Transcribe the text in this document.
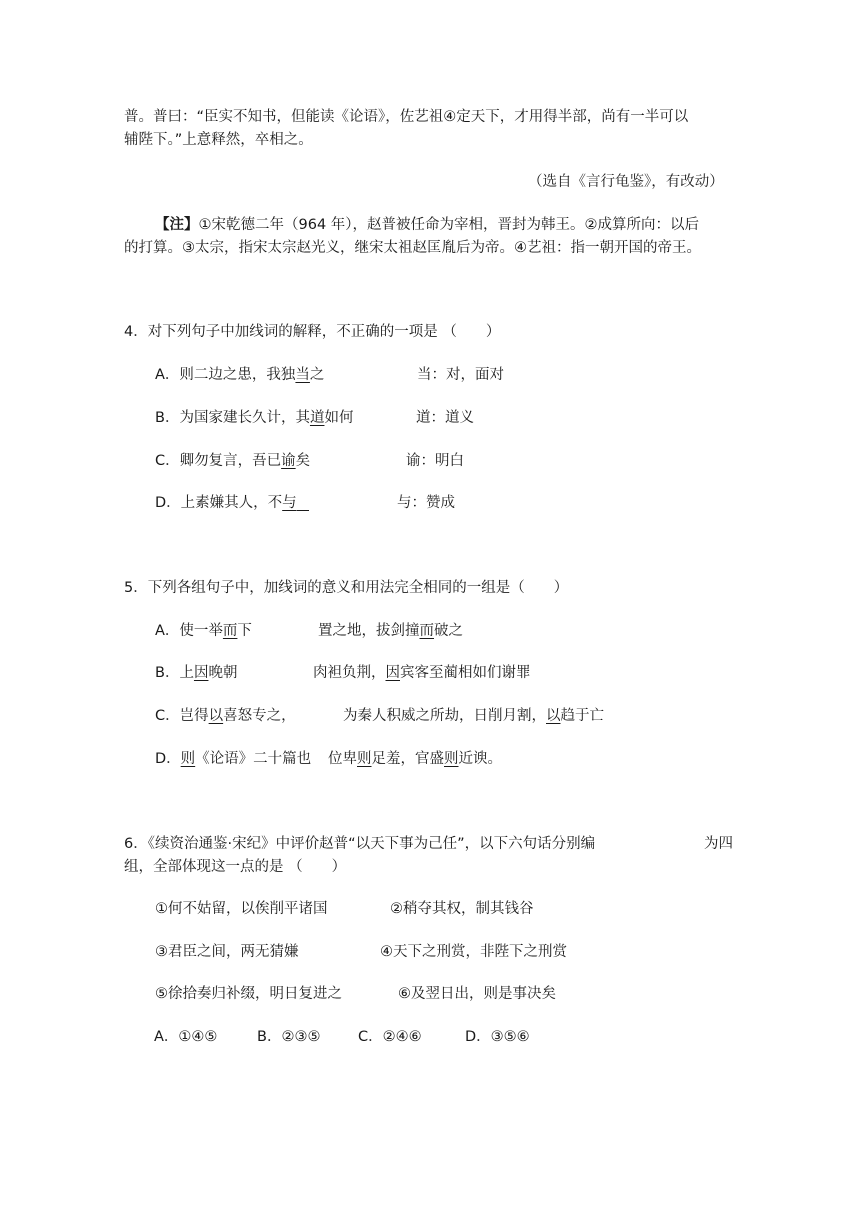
普。普曰：“臣实不知书，但能读《论语》，佐艺祖④定天下，才用得半部，尚有一半可以
辅陛下。”上意释然，卒相之。
（选自《言行龟鉴》，有改动）
【注】①宋乾德二年（964 年），赵普被任命为宰相，晋封为韩王。②成算所向：以后
的打算。③太宗，指宋太宗赵光义，继宋太祖赵匡胤后为帝。④艺祖：指一朝开国的帝王。
4．对下列句子中加线词的解释，不正确的一项是 （　　）
A．则二边之患，我独当之	当：对，面对
B．为国家建长久计，其道如何	道：道义
C．卿勿复言，吾已谕矣	谕：明白
D．上素嫌其人，不与	与：赞成
5．下列各组句子中，加线词的意义和用法完全相同的一组是（　　）
A．使一举而下	置之地，拔剑撞而破之
B．上因晚朝	肉袒负荆，因宾客至蔺相如们谢罪
C．岂得以喜怒专之，	为秦人积威之所劫，日削月割，以趋于亡
D．则《论语》二十篇也 位卑则足羞，官盛则近谀。
6．《续资治通鉴·宋纪》中评价赵普“以天下事为己任”，以下六句话分别编	为四
组，全部体现这一点的是 （　　）
①何不姑留，以俟削平诸国	②稍夺其权，制其钱谷
③君臣之间，两无猜嫌	④天下之刑赏，非陛下之刑赏
⑤徐拾奏归补缀，明日复进之	⑥及翌日出，则是事决矣
A．①④⑤	B．②③⑤	C．②④⑥	D．③⑤⑥
